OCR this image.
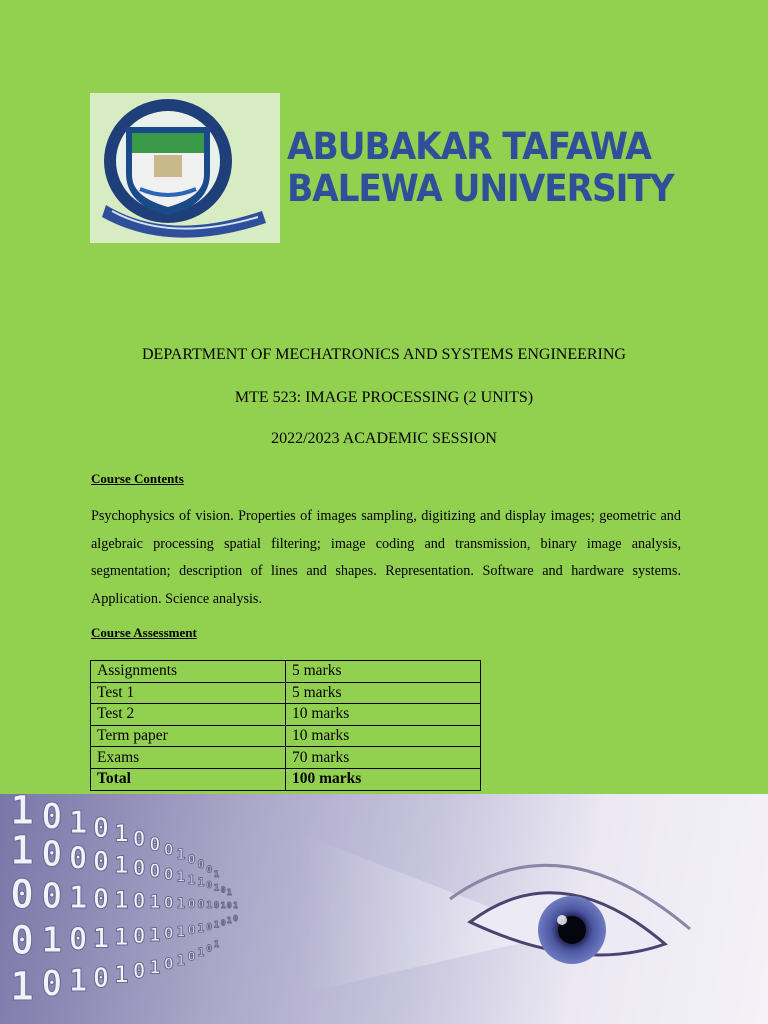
ABUBAKAR TAFAWA
BALEWA UNIVERSITY
DEPARTMENT OF MECHATRONICS AND SYSTEMS ENGINEERING
MTE 523: IMAGE PROCESSING (2 UNITS)
2022/2023 ACADEMIC SESSION
Course Contents
Psychophysics of vision. Properties of images sampling, digitizing and display images; geometric and algebraic processing spatial filtering; image coding and transmission, binary image analysis, segmentation; description of lines and shapes. Representation. Software and hardware systems. Application. Science analysis.
Course Assessment
Assignments	5 marks
Test 1	5 marks
Test 2	10 marks
Term paper	10 marks
Exams	70 marks
Total	100 marks
1 0 1 0 1 0 0 0 1 0 0 0 1
1 0 0 0 1 0 0 0 1 1 1 0 1 01
0 0 1 0 1 0 1 0 1 0 0 1 0 101
0 1 0 1 1 0 1 0 1 0 1 0 1 010
1 0 1 0 1 0 1 0 1 0 1 0 1
